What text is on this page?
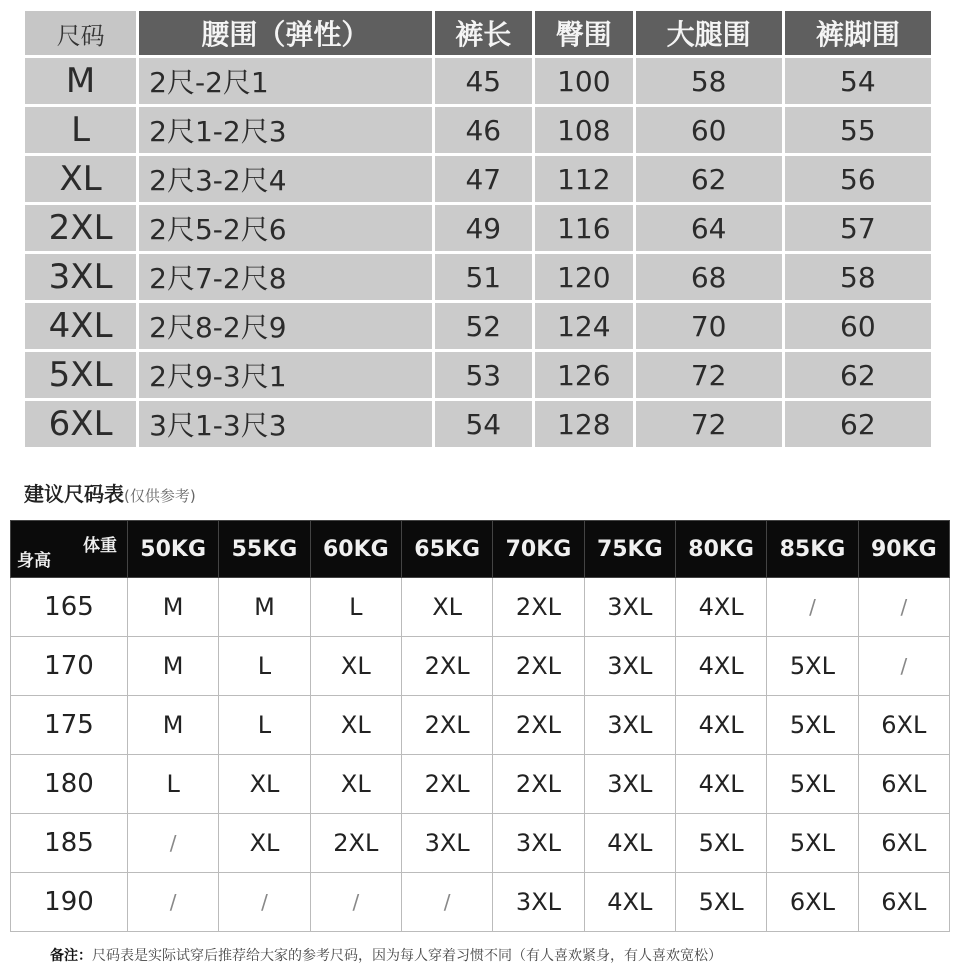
尺码	腰围（弹性）	裤长	臀围	大腿围	裤脚围
M	2尺-2尺1	45	100	58	54
L	2尺1-2尺3	46	108	60	55
XL	2尺3-2尺4	47	112	62	56
2XL	2尺5-2尺6	49	116	64	57
3XL	2尺7-2尺8	51	120	68	58
4XL	2尺8-2尺9	52	124	70	60
5XL	2尺9-3尺1	53	126	72	62
6XL	3尺1-3尺3	54	128	72	62
建议尺码表(仅供参考)
体重
身高	50KG	55KG	60KG	65KG	70KG	75KG	80KG	85KG	90KG
165	M	M	L	XL	2XL	3XL	4XL	/	/
170	M	L	XL	2XL	2XL	3XL	4XL	5XL	/
175	M	L	XL	2XL	2XL	3XL	4XL	5XL	6XL
180	L	XL	XL	2XL	2XL	3XL	4XL	5XL	6XL
185	/	XL	2XL	3XL	3XL	4XL	5XL	5XL	6XL
190	/	/	/	/	3XL	4XL	5XL	6XL	6XL
备注：尺码表是实际试穿后推荐给大家的参考尺码，因为每人穿着习惯不同（有人喜欢紧身，有人喜欢宽松）
